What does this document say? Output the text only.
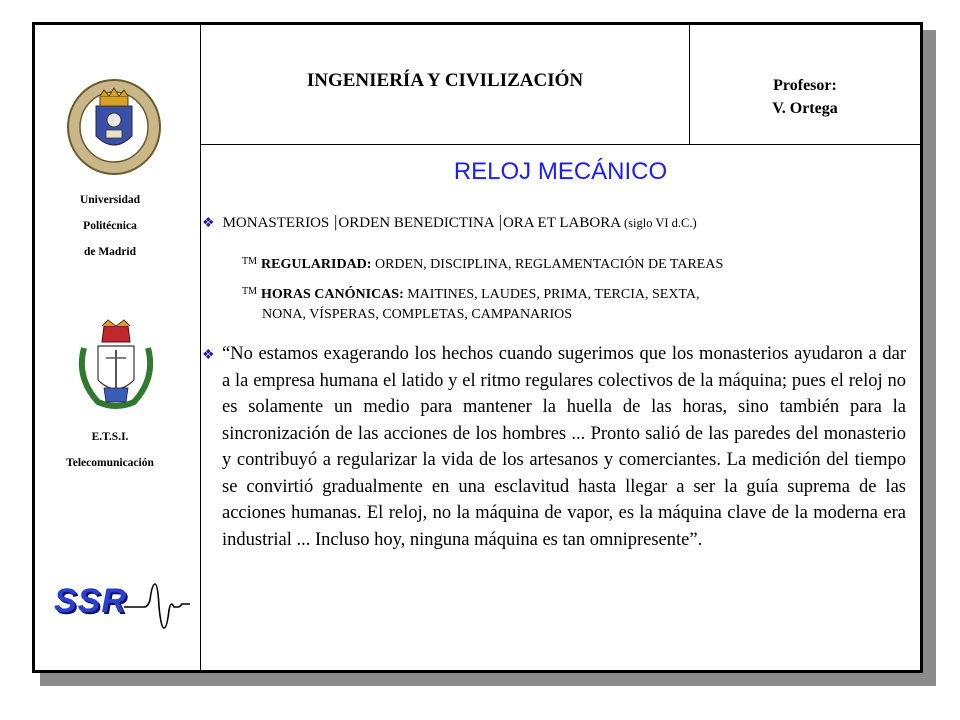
INGENIERÍA Y CIVILIZACIÓN	Profesor:
V. Ortega
Universidad
Politécnica
de Madrid
E.T.S.I.
Telecomunicación
SSR
RELOJ MECÁNICO
❖ MONASTERIOS |ORDEN BENEDICTINA |ORA ET LABORA (siglo VI d.C.)
™ REGULARIDAD: ORDEN, DISCIPLINA, REGLAMENTACIÓN DE TAREAS
™ HORAS CANÓNICAS: MAITINES, LAUDES, PRIMA, TERCIA, SEXTA,
NONA, VÍSPERAS, COMPLETAS, CAMPANARIOS
❖ “No estamos exagerando los hechos cuando sugerimos que los monasterios ayudaron a dar a la empresa humana el latido y el ritmo regulares colectivos de la máquina; pues el reloj no es solamente un medio para mantener la huella de las horas, sino también para la sincronización de las acciones de los hombres ... Pronto salió de las paredes del monasterio y contribuyó a regularizar la vida de los artesanos y comerciantes. La medición del tiempo se convirtió gradualmente en una esclavitud hasta llegar a ser la guía suprema de las acciones humanas. El reloj, no la máquina de vapor, es la máquina clave de la moderna era industrial ... Incluso hoy, ninguna máquina es tan omnipresente”.
